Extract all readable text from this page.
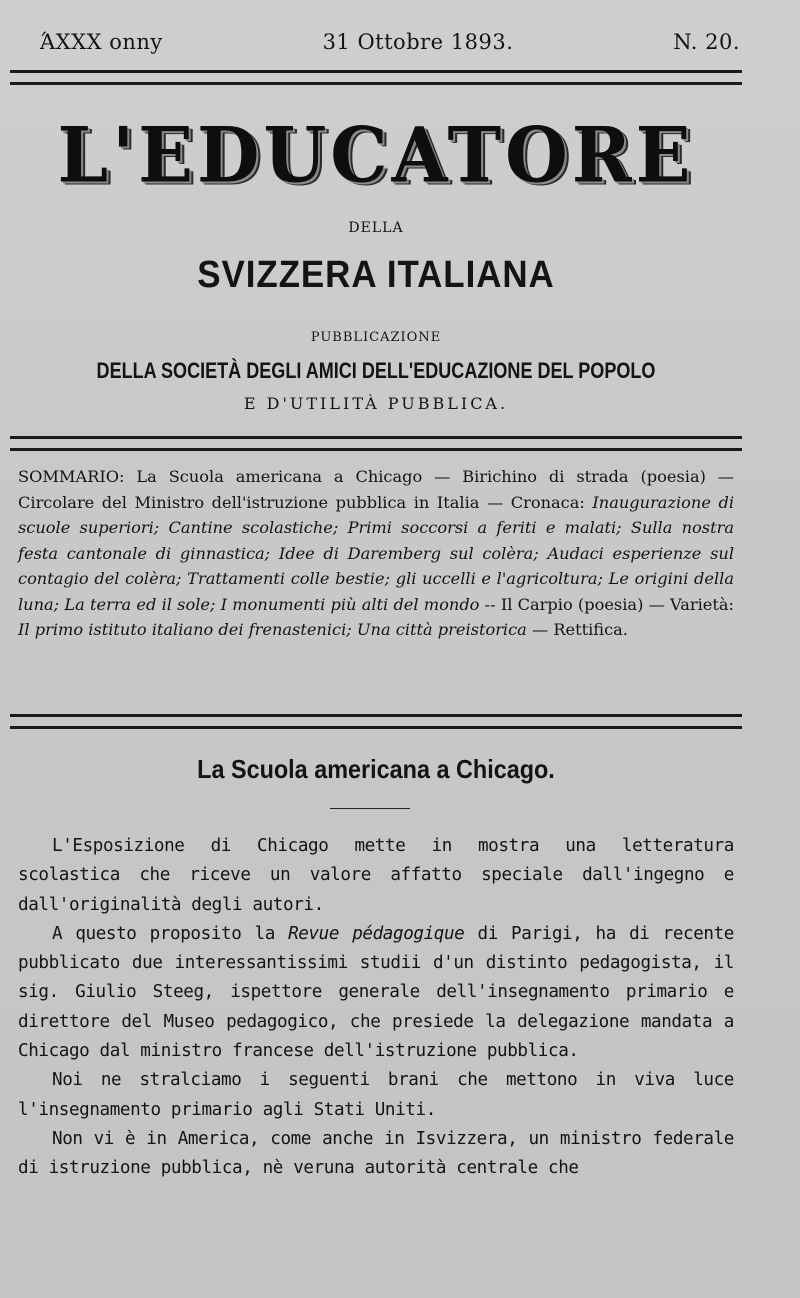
ΆXXX onny	31 Ottobre 1893.	N. 20.
L'EDUCATORE
DELLA
SVIZZERA ITALIANA
PUBBLICAZIONE
DELLA SOCIETÀ DEGLI AMICI DELL'EDUCAZIONE DEL POPOLO
E D'UTILITÀ PUBBLICA.
SOMMARIO: La Scuola americana a Chicago — Birichino di strada (poesia) — Circolare del Ministro dell'istruzione pubblica in Italia — Cronaca: Inaugurazione di scuole superiori; Cantine scolastiche; Primi soccorsi a feriti e malati; Sulla nostra festa cantonale di ginnastica; Idee di Daremberg sul colèra; Audaci esperienze sul contagio del colèra; Trattamenti colle bestie; gli uccelli e l'agricoltura; Le origini della luna; La terra ed il sole; I monumenti più alti del mondo -- Il Carpio (poesia) — Varietà: Il primo istituto italiano dei frenastenici; Una città preistorica — Rettifica.
La Scuola americana a Chicago.

L'Esposizione di Chicago mette in mostra una letteratura scolastica che riceve un valore affatto speciale dall'ingegno e dall'originalità degli autori.

A questo proposito la Revue pédagogique di Parigi, ha di recente pubblicato due interessantissimi studii d'un distinto pedagogista, il sig. Giulio Steeg, ispettore generale dell'insegnamento primario e direttore del Museo pedagogico, che presiede la delegazione mandata a Chicago dal ministro francese dell'istruzione pubblica.

Noi ne stralciamo i seguenti brani che mettono in viva luce l'insegnamento primario agli Stati Uniti.

Non vi è in America, come anche in Isvizzera, un ministro federale di istruzione pubblica, nè veruna autorità centrale che
